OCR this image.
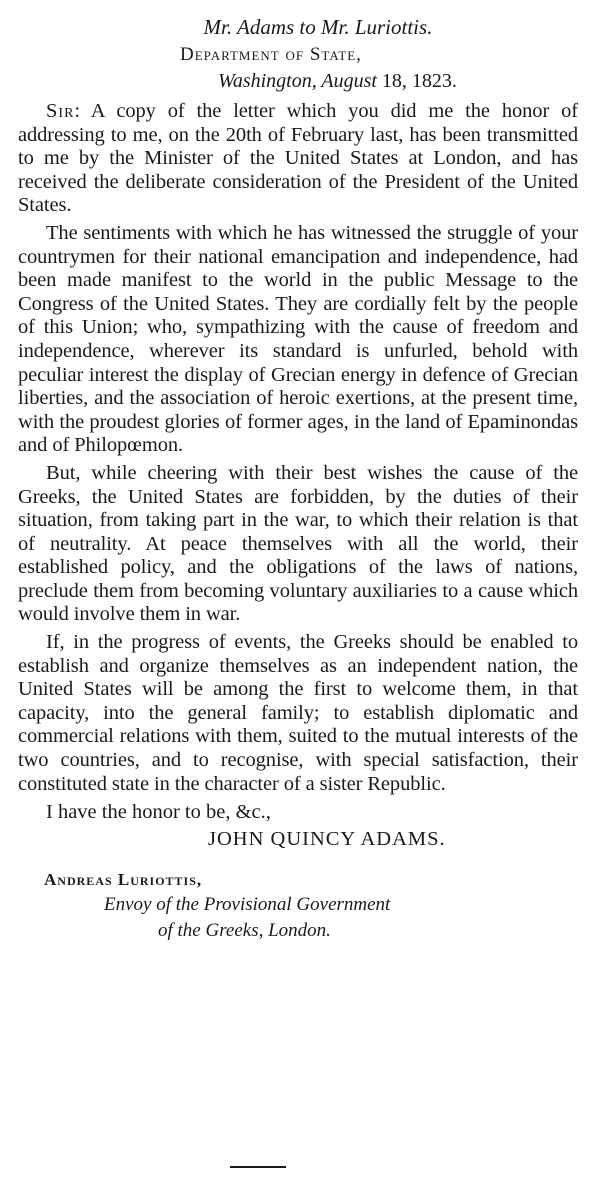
Mr. Adams to Mr. Luriottis.

Department of State,

Washington, August 18, 1823.

Sir: A copy of the letter which you did me the honor of addressing to me, on the 20th of February last, has been transmitted to me by the Minister of the United States at London, and has received the deliberate consideration of the President of the United States.

The sentiments with which he has witnessed the struggle of your countrymen for their national emancipation and independence, had been made manifest to the world in the public Message to the Congress of the United States. They are cordially felt by the people of this Union; who, sympathizing with the cause of freedom and independence, wherever its standard is unfurled, behold with peculiar interest the display of Grecian energy in defence of Grecian liberties, and the association of heroic exertions, at the present time, with the proudest glories of former ages, in the land of Epaminondas and of Philopœmon.

But, while cheering with their best wishes the cause of the Greeks, the United States are forbidden, by the duties of their situation, from taking part in the war, to which their relation is that of neutrality. At peace themselves with all the world, their established policy, and the obligations of the laws of nations, preclude them from becoming voluntary auxiliaries to a cause which would involve them in war.

If, in the progress of events, the Greeks should be enabled to establish and organize themselves as an independent nation, the United States will be among the first to welcome them, in that capacity, into the general family; to establish diplomatic and commercial relations with them, suited to the mutual interests of the two countries, and to recognise, with special satisfaction, their constituted state in the character of a sister Republic.

I have the honor to be, &c.,

JOHN QUINCY ADAMS.

Andreas Luriottis,

Envoy of the Provisional Government

of the Greeks, London.
